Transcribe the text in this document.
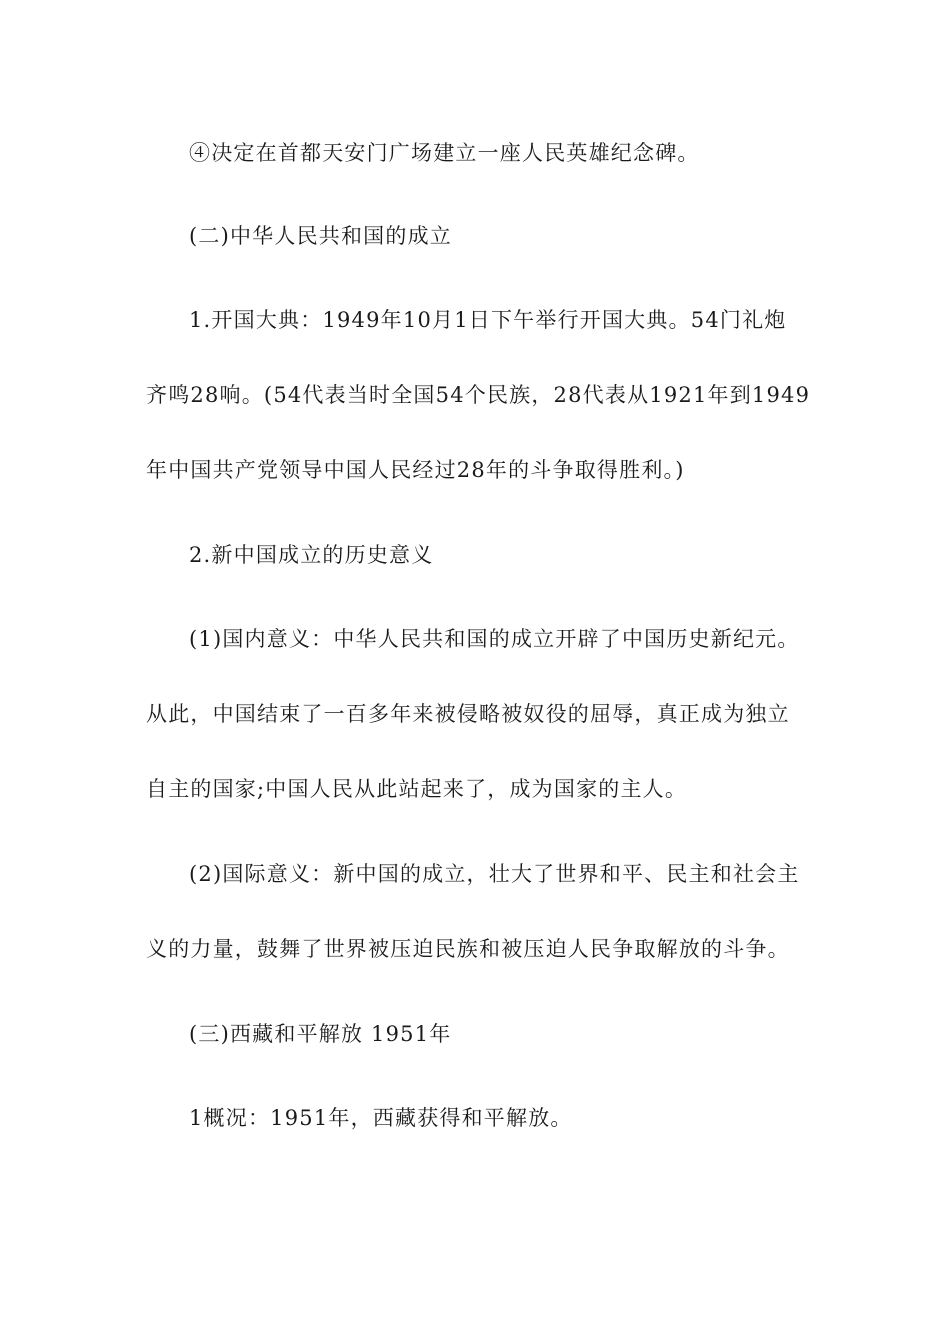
④决定在首都天安门广场建立一座人民英雄纪念碑。
(二)中华人民共和国的成立
1.开国大典：1949年10月1日下午举行开国大典。54门礼炮
齐鸣28响。(54代表当时全国54个民族，28代表从1921年到1949
年中国共产党领导中国人民经过28年的斗争取得胜利。)
2.新中国成立的历史意义
(1)国内意义：中华人民共和国的成立开辟了中国历史新纪元。
从此，中国结束了一百多年来被侵略被奴役的屈辱，真正成为独立
自主的国家;中国人民从此站起来了，成为国家的主人。
(2)国际意义：新中国的成立，壮大了世界和平、民主和社会主
义的力量，鼓舞了世界被压迫民族和被压迫人民争取解放的斗争。
(三)西藏和平解放 1951年
1概况：1951年，西藏获得和平解放。
